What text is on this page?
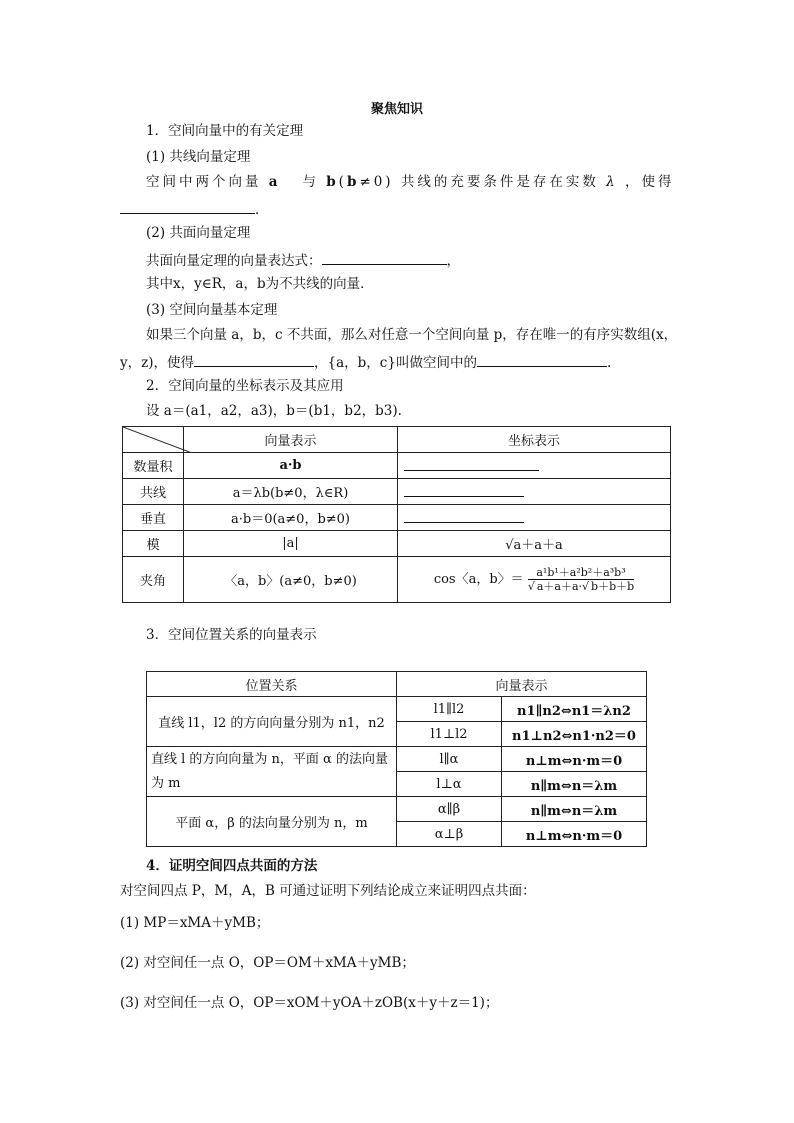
聚焦知识
1．空间向量中的有关定理
(1) 共线向量定理
空间中两个向量 a 与 b(b≠0) 共线的充要条件是存在实数 λ ，使得
．
(2) 共面向量定理
共面向量定理的向量表达式：	，
其中x，y∈R，a，b为不共线的向量．
(3) 空间向量基本定理
如果三个向量 a，b，c 不共面，那么对任意一个空间向量 p，存在唯一的有序实数组(x，
y，z)，使得	，{a，b，c}叫做空间中的	.
2．空间向量的坐标表示及其应用
设 a＝(a1，a2，a3)，b＝(b1，b2，b3).
	向量表示	坐标表示
数量积	a·b	
共线	a＝λb(b≠0，λ∈R)	
垂直	a·b＝0(a≠0，b≠0)	
模	|a|	√a＋a＋a
夹角	〈a，b〉(a≠0，b≠0)	cos〈a，b〉＝ $\frac{\text{a¹b¹＋a²b²＋a³b³}}{√ a+a+a\cdot√ b+b+b}$
3．空间位置关系的向量表示
位置关系	向量表示	
直线 l1，l2 的方向向量分别为 n1，n2	l1∥l2	n1∥n2⇔n1＝λn2
	l1⊥l2	n1⊥n2⇔n1·n2＝0
直线 l 的方向向量为 n，平面 α 的法向量为 m	l∥α	n⊥m⇔n·m＝0
	l⊥α	n∥m⇔n＝λm
平面 α，β 的法向量分别为 n，m	α∥β	n∥m⇔n＝λm
	α⊥β	n⊥m⇔n·m＝0
4．证明空间四点共面的方法
对空间四点 P，M，A，B 可通过证明下列结论成立来证明四点共面：
(1) MP＝xMA＋yMB；
(2) 对空间任一点 O，OP＝OM＋xMA＋yMB；
(3) 对空间任一点 O，OP＝xOM＋yOA＋zOB(x＋y＋z＝1)；
